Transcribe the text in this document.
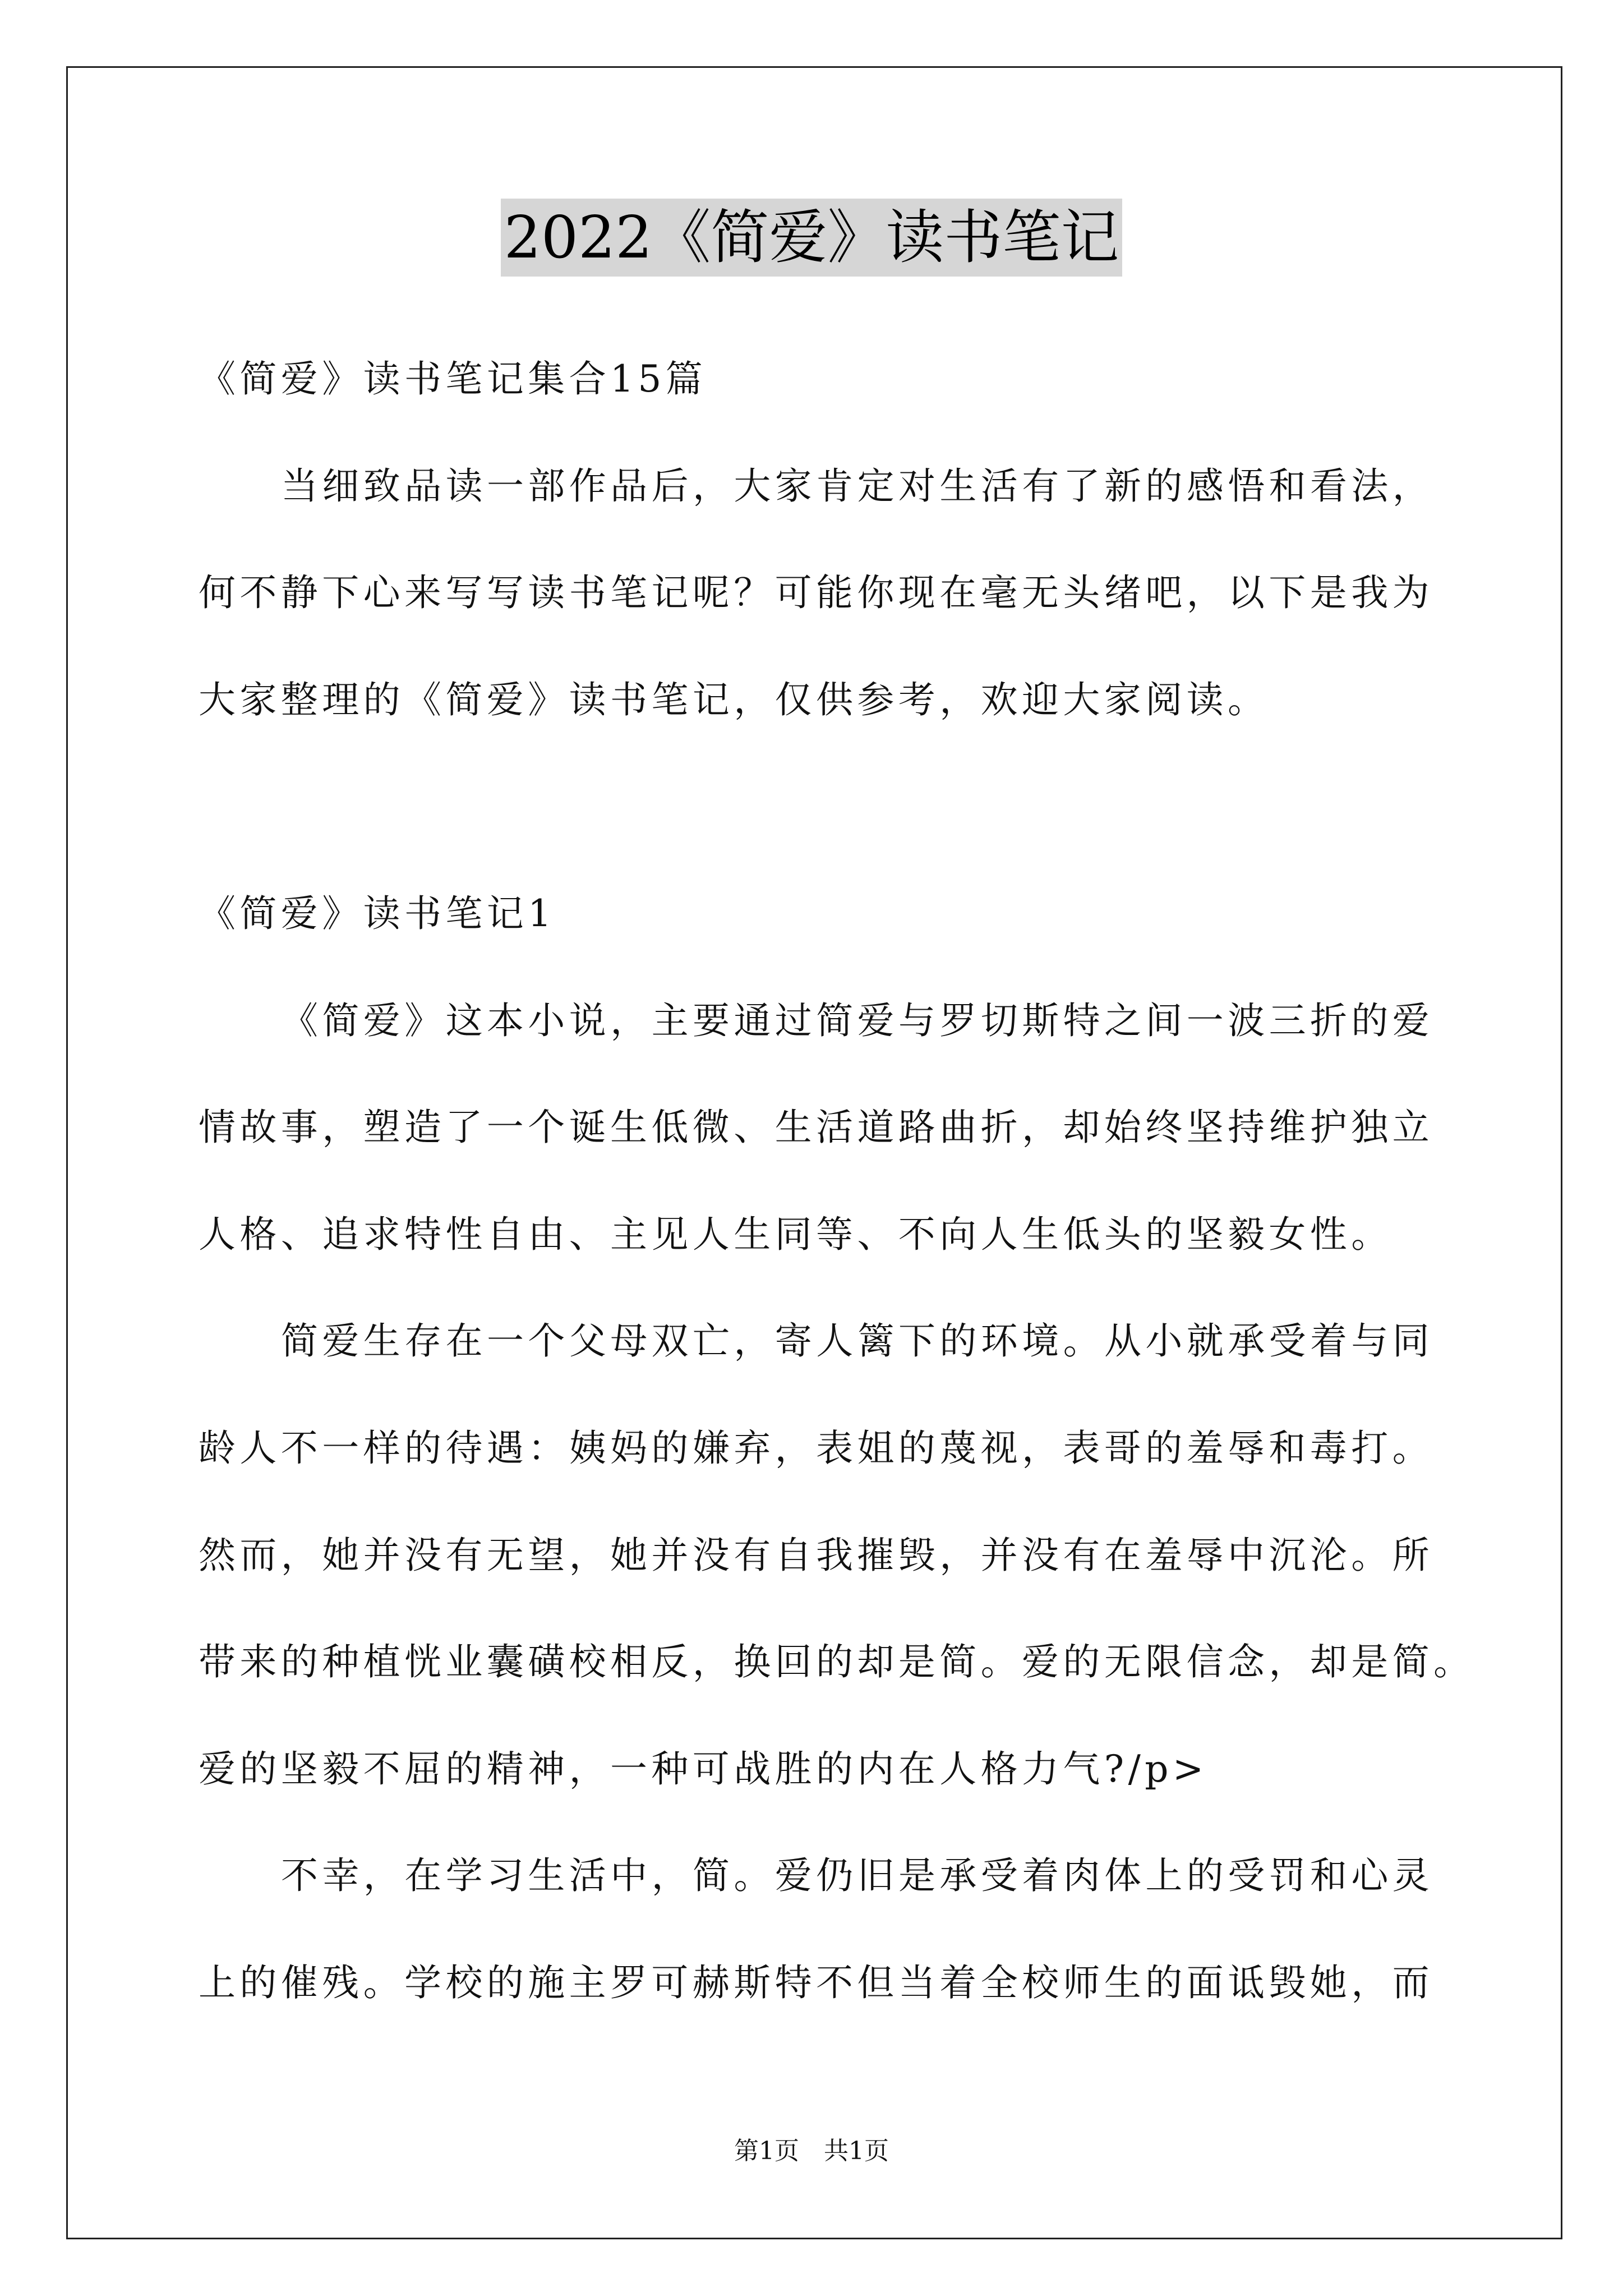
2022《简爱》读书笔记
《简爱》读书笔记集合15篇
当细致品读一部作品后，大家肯定对生活有了新的感悟和看法，
何不静下心来写写读书笔记呢？可能你现在毫无头绪吧，以下是我为
大家整理的《简爱》读书笔记，仅供参考，欢迎大家阅读。
《简爱》读书笔记1
《简爱》这本小说，主要通过简爱与罗切斯特之间一波三折的爱
情故事，塑造了一个诞生低微、生活道路曲折，却始终坚持维护独立
人格、追求特性自由、主见人生同等、不向人生低头的坚毅女性。
简爱生存在一个父母双亡，寄人篱下的环境。从小就承受着与同
龄人不一样的待遇：姨妈的嫌弃，表姐的蔑视，表哥的羞辱和毒打。
然而，她并没有无望，她并没有自我摧毁，并没有在羞辱中沉沦。所
带来的种植恍业囊磺校相反，换回的却是简。爱的无限信念，却是简。
爱的坚毅不屈的精神，一种可战胜的内在人格力气?/p>
不幸，在学习生活中，简。爱仍旧是承受着肉体上的受罚和心灵
上的催残。学校的施主罗可赫斯特不但当着全校师生的面诋毁她，而
第1页　共1页
